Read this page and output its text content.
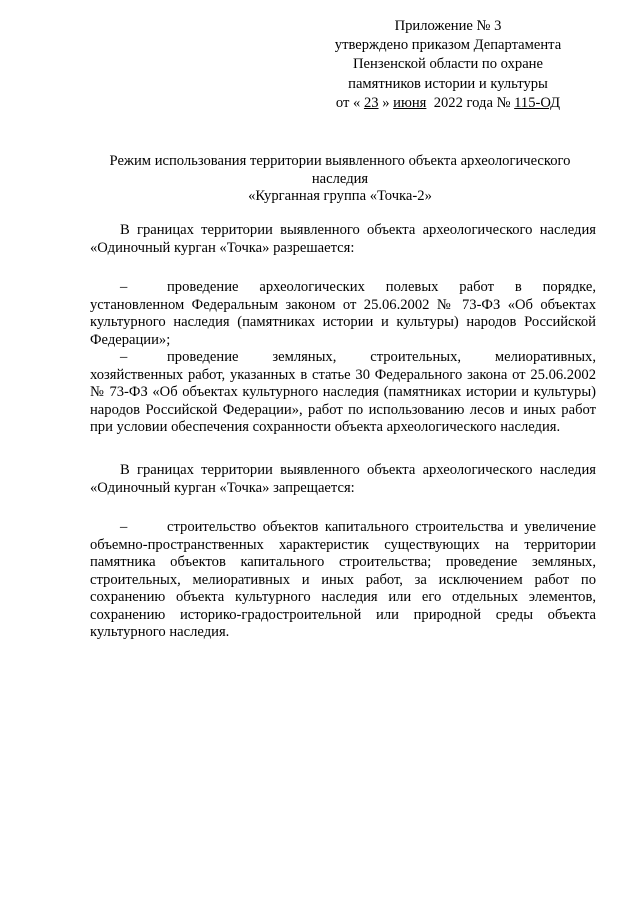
Приложение № 3
утверждено приказом Департамента
Пензенской области по охране
памятников истории и культуры
от « 23 » июня 2022 года № 115-ОД
Режим использования территории выявленного объекта археологического наследия
«Курганная группа «Точка-2»
В границах территории выявленного объекта археологического наследия «Одиночный курган «Точка» разрешается:
–	проведение археологических полевых работ в порядке, установленном Федеральным законом от 25.06.2002 № 73-ФЗ «Об объектах культурного наследия (памятниках истории и культуры) народов Российской Федерации»;
–	проведение земляных, строительных, мелиоративных, хозяйственных работ, указанных в статье 30 Федерального закона от 25.06.2002 № 73-ФЗ «Об объектах культурного наследия (памятниках истории и культуры) народов Российской Федерации», работ по использованию лесов и иных работ при условии обеспечения сохранности объекта археологического наследия.
В границах территории выявленного объекта археологического наследия «Одиночный курган «Точка» запрещается:
–	строительство объектов капитального строительства и увеличение объемно-пространственных характеристик существующих на территории памятника объектов капитального строительства; проведение земляных, строительных, мелиоративных и иных работ, за исключением работ по сохранению объекта культурного наследия или его отдельных элементов, сохранению историко-градостроительной или природной среды объекта культурного наследия.
